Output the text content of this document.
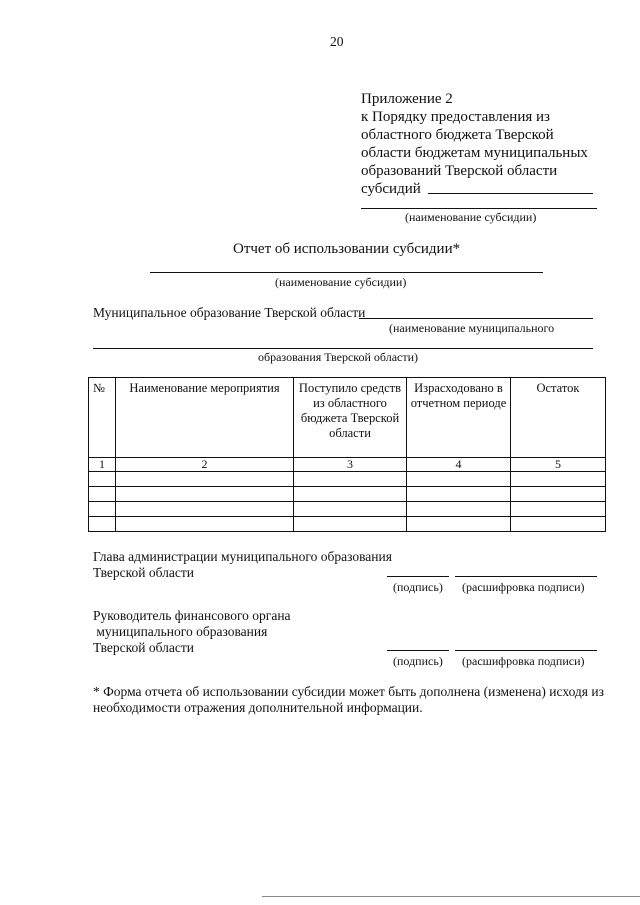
20
Приложение 2
к Порядку предоставления из
областного бюджета Тверской
области бюджетам муниципальных
образований Тверской области
субсидий
(наименование субсидии)
Отчет об использовании субсидии*
(наименование субсидии)
Муниципальное образование Тверской области
(наименование муниципального
образования Тверской области)
№	Наименование мероприятия	Поступило средств из областного бюджета Тверской области	Израсходовано в отчетном периоде	Остаток
1	2	3	4	5

Глава администрации муниципального образования
Тверской области
(подпись) (расшифровка подписи)
Руководитель финансового органа
муниципального образования
Тверской области
(подпись) (расшифровка подписи)
* Форма отчета об использовании субсидии может быть дополнена (изменена) исходя из
необходимости отражения дополнительной информации.
